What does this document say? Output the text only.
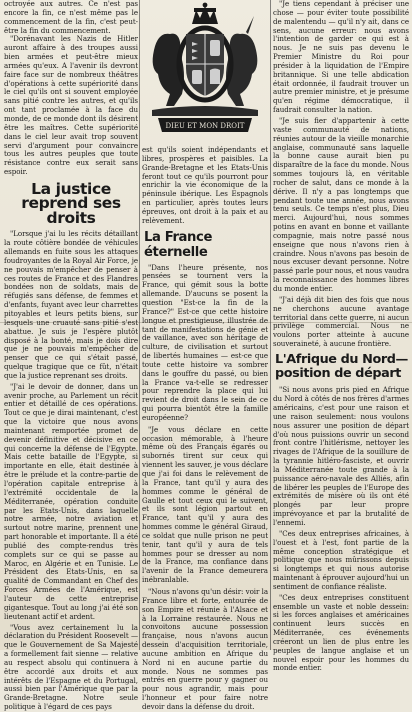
octroyée aux autres. Ce n'est pas encore la fin, ce n'est même pas le commencement de la fin, c'est peut-être la fin du commencement.

"Dorénavant les Nazis de Hitler auront affaire à des troupes aussi bien armées et peut-être mieux armées qu'eux. A l'avenir ils devront faire face sur de nombreux théâtres d'opérations à cette supériorité dans le ciel qu'ils ont si souvent employée sans pitié contre les autres, et qu'ils ont tant proclamée à la face du monde, de ce monde dont ils désirent être les maîtres. Cette supériorité dans le ciel leur avait trop souvent servi d'argument pour convaincre tous les autres peuples que toute résistance contre eux serait sans espoir.

La justice reprend ses droits

"Lorsque j'ai lu les récits détaillant la route côtière bondée de véhicules allemands en fuite sous les attaques foudroyantes de la Royal Air Force, je ne pouvais m'empêcher de penser à ces routes de France et des Flandres bondées non de soldats, mais de réfugiés sans défense, de femmes et d'enfants, fuyant avec leur charrettes pitoyables et leurs petits biens, sur lesquels une cruauté sans pitié s'est abattue. Je suis je l'espère plutôt disposé à la bonté, mais je dois dire que je ne pouvais m'empêcher de penser que ce qui s'était passé, quelque tragique que ce fût, n'était que la justice reprenant ses droits.

"J'ai le devoir de donner, dans un avenir proche, au Parlement un récit entier et détaillé de ces opérations. Tout ce que je dirai maintenant, c'est que la victoire que nous avons maintenant remportée promet de devenir définitive et décisive en ce qui concerne la défense de l'Egypte. Mais cette bataille de l'Egypte, si importante en elle, était destinée à être le prélude et la contre-partie de l'opération capitale entreprise à l'extrémité occidentale de la Méditerranée, opération conduite par les Etats-Unis, dans laquelle notre armée, notre aviation et surtout notre marine, prennent une part honorable et importante. Il a été publié des compte-rendus très complets sur ce qui se passe au Maroc, en Algérie et en Tunisie. Le Président des Etats-Unis, en sa qualité de Commandant en Chef des Forces Armées de l'Amérique, est l'auteur de cette entreprise gigantesque. Tout au long j'ai été son lieutenant actif et ardent.

"Vous avez certainement lu la déclaration du Président Roosevelt — que le Gouvernement de Sa Majesté a formellement fait sienne — relative au respect absolu qui continuera à être accordé aux droits et aux intérêts de l'Espagne et du Portugal, aussi bien par l'Amérique que par la Grande-Bretagne. Notre seule politique à l'égard de ces pays

DIEU ET MON DROIT

est qu'ils soient indépendants et libres, prospères et paisibles. La Grande-Bretagne et les Etats-Unis feront tout ce qu'ils pourront pour enrichir la vie économique de la péninsule ibérique. Les Espagnols en particulier, après toutes leurs épreuves, ont droit à la paix et au relèvement.

La France éternelle

"Dans l'heure présente, nos pensées se tournent vers la France, qui gémit sous la botte allemande. D'aucuns se posent la question "Est-ce la fin de la France?" Est-ce que cette histoire longue et prestigieuse, illustrée de tant de manifestations de génie et de vaillance, avec son héritage de culture, de civilisation et surtout de libertés humaines — est-ce que toute cette histoire va sombrer dans le gouffre du passé, ou bien la France va-t-elle se redresser pour reprendre la place qui lui revient de droit dans le sein de ce qui pourra bientôt être la famille européenne?

"Je vous déclare en cette occasion mémorable, à l'heure même où des Français égarés ou subornés tirent sur ceux qui viennent les sauver, je vous déclare que j'ai foi dans le relèvement de la France, tant qu'il y aura des hommes comme le général de Gaulle et tout ceux qui le suivent, et ils sont légion partout en France, tant qu'il y aura des hommes comme le général Giraud, ce soldat que nulle prison ne peut tenir, tant qu'il y aura de tels hommes pour se dresser au nom de la France, ma confiance dans l'avenir de la France demeurera inébranlable.

"Nous n'avons qu'un désir: voir la France libre et forte, entourée de son Empire et réunie à l'Alsace et à la Lorraine restaurée. Nous ne convoitons aucune possession française, nous n'avons aucun dessein d'acquisition territoriale, aucune ambition en Afrique du Nord ni en aucune partie du monde. Nous ne sommes pas entrés en guerre pour y gagner ou pour nous agrandir, mais pour l'honneur et pour faire notre devoir dans la défense du droit.

"Je tiens cependant à préciser une chose — pour éviter toute possibilité de malentendu — qu'il n'y ait, dans ce sens, aucune erreur: nous avons l'intention de garder ce qui est à nous. Je ne suis pas devenu le Premier Ministre du Roi pour présider à la liquidation de l'Empire britannique. Si une telle abdication était ordonnée, il faudrait trouver un autre premier ministre, et je présume qu'en régime démocratique, il faudrait consulter la nation.

"Je suis fier d'appartenir à cette vaste communauté de nations, réunies autour de la vieille monarchie anglaise, communauté sans laquelle la bonne cause aurait bien pu disparaître de la face du monde. Nous sommes toujours là, en véritable rocher de salut, dans ce monde à la dérive. Il n'y a pas longtemps que pendant toute une année, nous avons tenu seuls. Ce temps n'est plus, Dieu merci. Aujourd'hui, nous sommes potins en avant en bonne et vaillante compagnie, mais notre passé nous enseigne que nous n'avons rien à craindre. Nous n'avons pas besoin de nous excuser devant personne. Notre passé parle pour nous, et nous vaudra la reconnaissance des hommes libres du monde entier.

"J'ai déjà dit bien des fois que nous ne cherchons aucune avantage territorial dans cette guerre, ni aucun privilège commercial. Nous ne voulons porter atteinte à aucune souveraineté, à aucune frontière.

L'Afrique du Nord— position de départ

"Si nous avons pris pied en Afrique du Nord à côtés de nos frères d'armes américains, c'est pour une raison et une raison seulement: nous voulons nous assurer une position de départ d'où nous puissions ouvrir un second front contre l'hitlérisme, nettoyer les rivages de l'Afrique de la souillure de la tyrannie hitléro-fasciste, et ouvrir la Méditerranée toute grande à la puissance aéro-navale des Alliés, afin de libérer les peuples de l'Europe des extrémités de misère où ils ont été plongés par leur propre imprévoyance et par la brutalité de l'ennemi.

"Ces deux entreprises africaines, à l'ouest et à l'est, font partie de la même conception stratégique et politique que nous mûrissons depuis si longtemps et qui nous autorise maintenant à éprouver aujourd'hui un sentiment de confiance réaliste.

"Ces deux entreprises constituent ensemble un vaste et noble dessein: si les forces anglaises et américaines continuent leurs succès en Méditerranée, ces événements créeront un lien de plus entre les peuples de langue anglaise et un nouvel espoir pour les hommes du monde entier.
